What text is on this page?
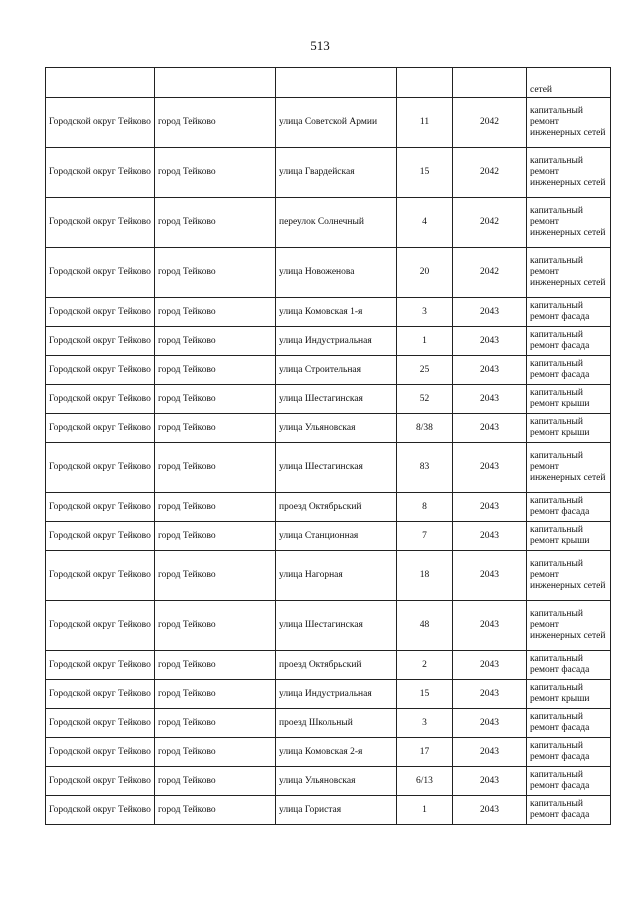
513
					сетей
Городской округ Тейково	город Тейково	улица Советской Армии	11	2042	капитальный ремонт инженерных сетей
Городской округ Тейково	город Тейково	улица Гвардейская	15	2042	капитальный ремонт инженерных сетей
Городской округ Тейково	город Тейково	переулок Солнечный	4	2042	капитальный ремонт инженерных сетей
Городской округ Тейково	город Тейково	улица Новоженова	20	2042	капитальный ремонт инженерных сетей
Городской округ Тейково	город Тейково	улица Комовская 1-я	3	2043	капитальный ремонт фасада
Городской округ Тейково	город Тейково	улица Индустриальная	1	2043	капитальный ремонт фасада
Городской округ Тейково	город Тейково	улица Строительная	25	2043	капитальный ремонт фасада
Городской округ Тейково	город Тейково	улица Шестагинская	52	2043	капитальный ремонт крыши
Городской округ Тейково	город Тейково	улица Ульяновская	8/38	2043	капитальный ремонт крыши
Городской округ Тейково	город Тейково	улица Шестагинская	83	2043	капитальный ремонт инженерных сетей
Городской округ Тейково	город Тейково	проезд Октябрьский	8	2043	капитальный ремонт фасада
Городской округ Тейково	город Тейково	улица Станционная	7	2043	капитальный ремонт крыши
Городской округ Тейково	город Тейково	улица Нагорная	18	2043	капитальный ремонт инженерных сетей
Городской округ Тейково	город Тейково	улица Шестагинская	48	2043	капитальный ремонт инженерных сетей
Городской округ Тейково	город Тейково	проезд Октябрьский	2	2043	капитальный ремонт фасада
Городской округ Тейково	город Тейково	улица Индустриальная	15	2043	капитальный ремонт крыши
Городской округ Тейково	город Тейково	проезд Школьный	3	2043	капитальный ремонт фасада
Городской округ Тейково	город Тейково	улица Комовская 2-я	17	2043	капитальный ремонт фасада
Городской округ Тейково	город Тейково	улица Ульяновская	6/13	2043	капитальный ремонт фасада
Городской округ Тейково	город Тейково	улица Гористая	1	2043	капитальный ремонт фасада
